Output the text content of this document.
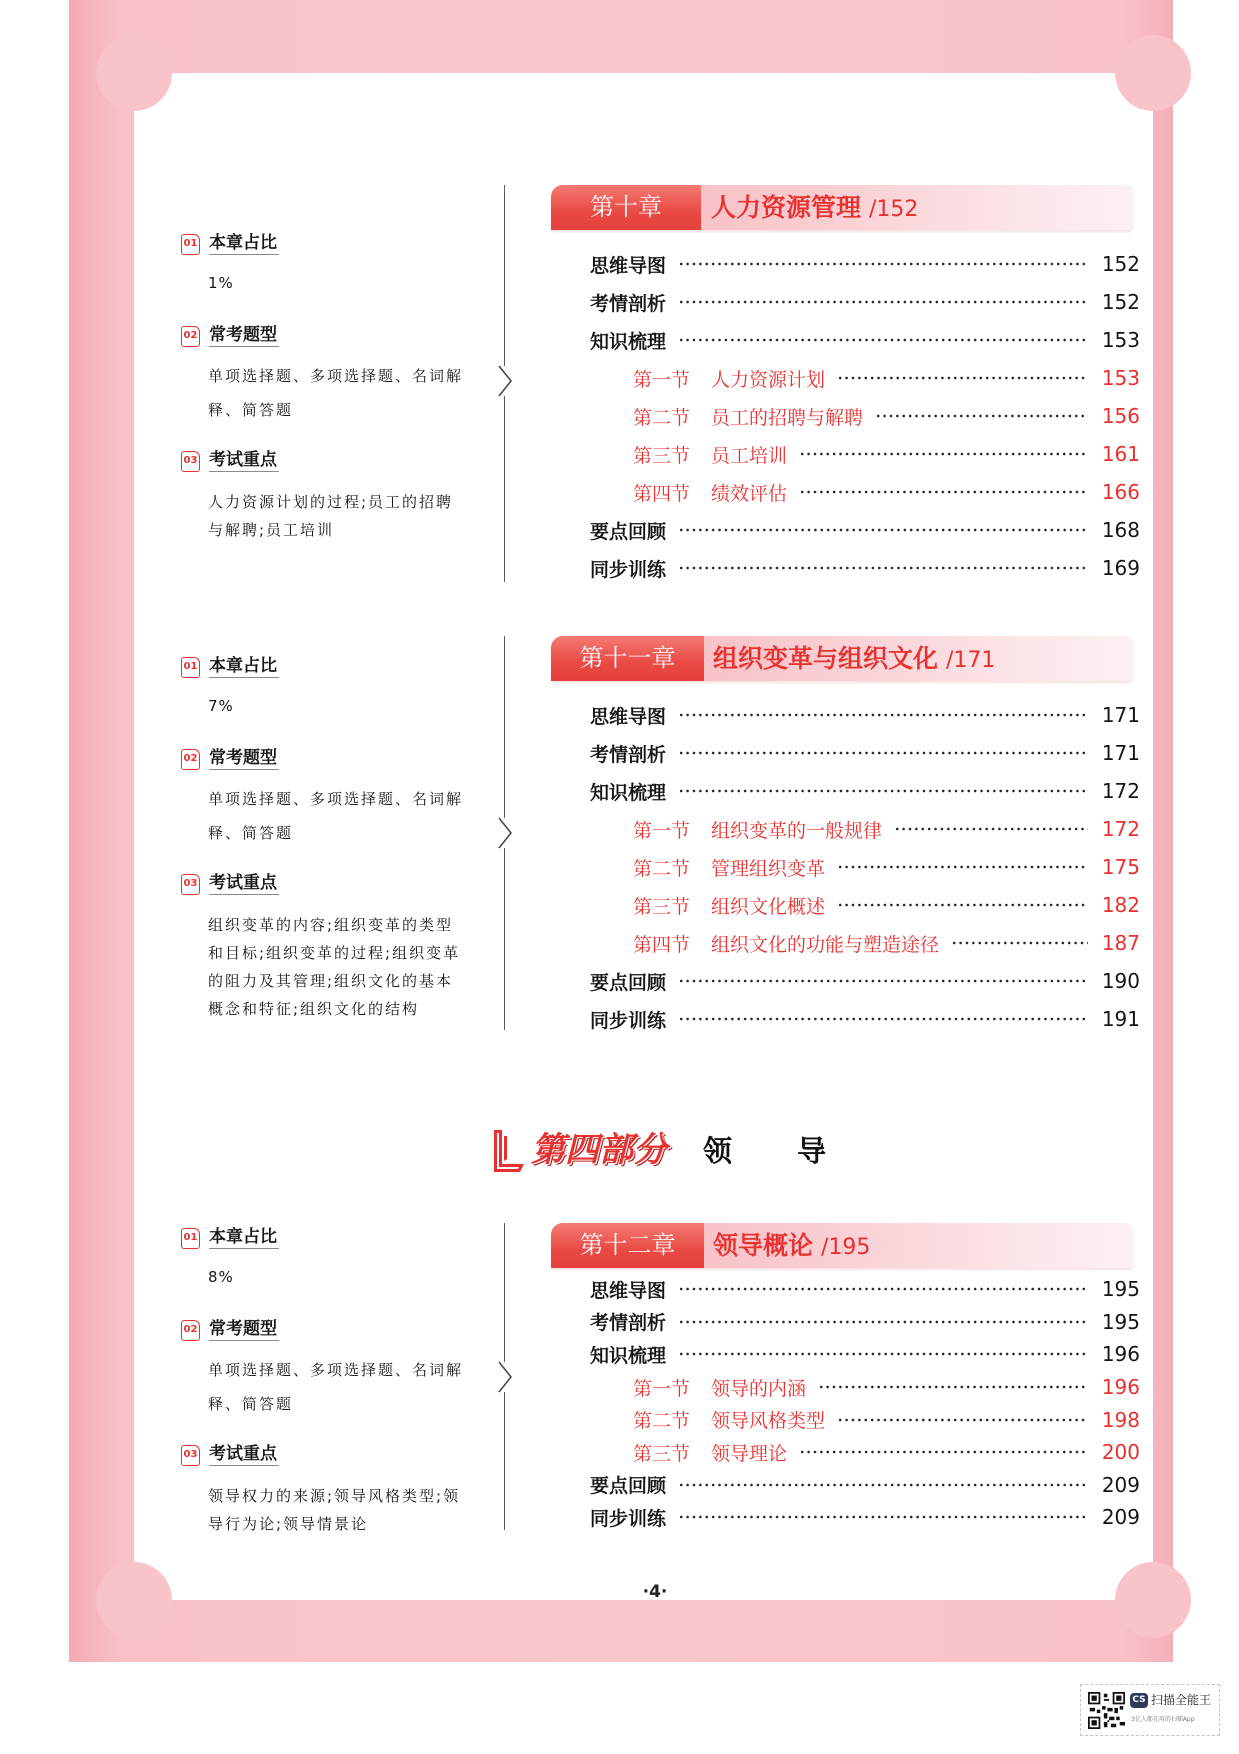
01 本章占比
1%
02 常考题型
单项选择题、多项选择题、名词解
释、简答题
03 考试重点
人力资源计划的过程;员工的招聘
与解聘;员工培训
第十章	人力资源管理 /152
思维导图	152
考情剖析	152
知识梳理	153
第一节	人力资源计划	153
第二节	员工的招聘与解聘	156
第三节	员工培训	161
第四节	绩效评估	166
要点回顾	168
同步训练	169
01 本章占比
7%
02 常考题型
单项选择题、多项选择题、名词解
释、简答题
03 考试重点
组织变革的内容;组织变革的类型
和目标;组织变革的过程;组织变革
的阻力及其管理;组织文化的基本
概念和特征;组织文化的结构
第十一章	组织变革与组织文化 /171
思维导图	171
考情剖析	171
知识梳理	172
第一节	组织变革的一般规律	172
第二节	管理组织变革	175
第三节	组织文化概述	182
第四节	组织文化的功能与塑造途径	187
要点回顾	190
同步训练	191
第四部分 领 导
01 本章占比
8%
02 常考题型
单项选择题、多项选择题、名词解
释、简答题
03 考试重点
领导权力的来源;领导风格类型;领
导行为论;领导情景论
第十二章	领导概论 /195
思维导图	195
考情剖析	195
知识梳理	196
第一节	领导的内涵	196
第二节	领导风格类型	198
第三节	领导理论	200
要点回顾	209
同步训练	209
·4·
CS 扫描全能王
3亿人都在用的扫描App
